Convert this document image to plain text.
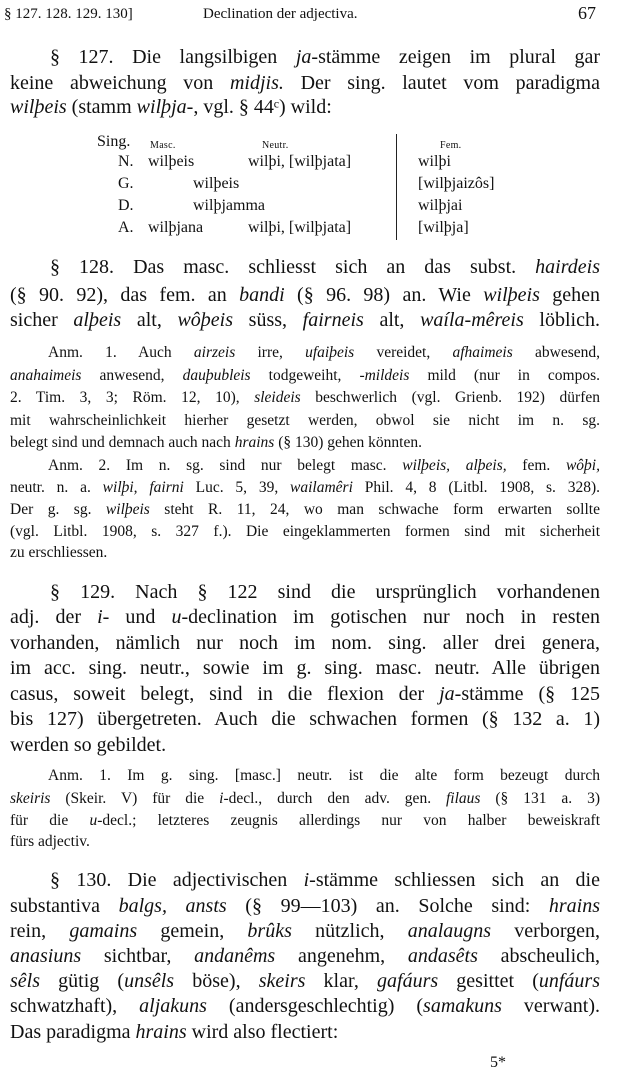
§ 127. 128. 129. 130]	Declination der adjectiva.	67
§ 127. Die langsilbigen ja-stämme zeigen im plural gar
keine abweichung von midjis. Der sing. lautet vom paradigma
wilþeis (stamm wilþja-, vgl. § 44ᶜ) wild:
§ 128. Das masc. schliesst sich an das subst. hairdeis
(§ 90. 92), das fem. an bandi (§ 96. 98) an. Wie wilþeis gehen
sicher alþeis alt, wôþeis süss, fairneis alt, waíla-mêreis löblich.
Anm. 1. Auch airzeis irre, ufaiþeis vereidet, afhaimeis abwesend,
anahaimeis anwesend, dauþubleis todgeweiht, -mildeis mild (nur in compos.
2. Tim. 3, 3; Röm. 12, 10), sleideis beschwerlich (vgl. Grienb. 192) dürfen
mit wahrscheinlichkeit hierher gesetzt werden, obwol sie nicht im n. sg.
belegt sind und demnach auch nach hrains (§ 130) gehen könnten.
Anm. 2. Im n. sg. sind nur belegt masc. wilþeis, alþeis, fem. wôþi,
neutr. n. a. wilþi, fairni Luc. 5, 39, wailamêri Phil. 4, 8 (Litbl. 1908, s. 328).
Der g. sg. wilþeis steht R. 11, 24, wo man schwache form erwarten sollte
(vgl. Litbl. 1908, s. 327 f.). Die eingeklammerten formen sind mit sicherheit
zu erschliessen.
§ 129. Nach § 122 sind die ursprünglich vorhandenen
adj. der i- und u-declination im gotischen nur noch in resten
vorhanden, nämlich nur noch im nom. sing. aller drei genera,
im acc. sing. neutr., sowie im g. sing. masc. neutr. Alle übrigen
casus, soweit belegt, sind in die flexion der ja-stämme (§ 125
bis 127) übergetreten. Auch die schwachen formen (§ 132 a. 1)
werden so gebildet.
Anm. 1. Im g. sing. [masc.] neutr. ist die alte form bezeugt durch
skeiris (Skeir. V) für die i-decl., durch den adv. gen. filaus (§ 131 a. 3)
für die u-decl.; letzteres zeugnis allerdings nur von halber beweiskraft
fürs adjectiv.
§ 130. Die adjectivischen i-stämme schliessen sich an die
substantiva balgs, ansts (§ 99—103) an. Solche sind: hrains
rein, gamains gemein, brûks nützlich, analaugns verborgen,
anasiuns sichtbar, andanêms angenehm, andasêts abscheulich,
sêls gütig (unsêls böse), skeirs klar, gafáurs gesittet (unfáurs
schwatzhaft), aljakuns (andersgeschlechtig) (samakuns verwant).
Das paradigma hrains wird also flectiert:
Sing. Masc.	Neutr.	Fem.
N. wilþeis	wilþi, [wilþjata]	wilþi
G.	wilþeis	[wilþjaizôs]
D.	wilþjamma	wilþjai
A. wilþjana	wilþi, [wilþjata]	[wilþja]
5*
